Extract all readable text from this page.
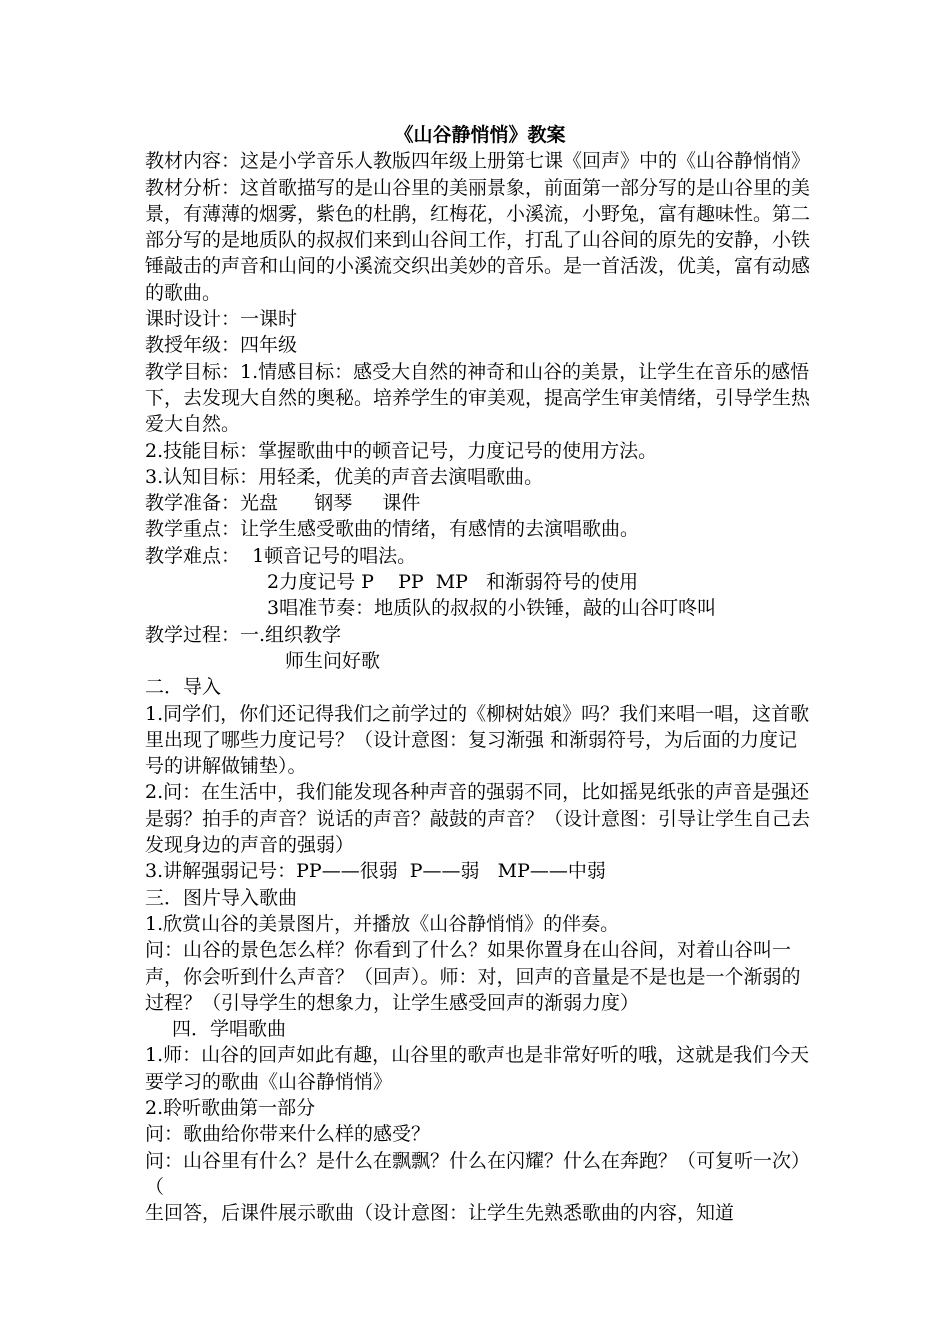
《山谷静悄悄》教案

教材内容：这是小学音乐人教版四年级上册第七课《回声》中的《山谷静悄悄》

教材分析：这首歌描写的是山谷里的美丽景象，前面第一部分写的是山谷里的美景，有薄薄的烟雾，紫色的杜鹃，红梅花，小溪流，小野兔，富有趣味性。第二部分写的是地质队的叔叔们来到山谷间工作，打乱了山谷间的原先的安静，小铁锤敲击的声音和山间的小溪流交织出美妙的音乐。是一首活泼，优美，富有动感的歌曲。

课时设计：一课时

教授年级：四年级

教学目标：1.情感目标：感受大自然的神奇和山谷的美景，让学生在音乐的感悟下，去发现大自然的奥秘。培养学生的审美观，提高学生审美情绪，引导学生热爱大自然。

2.技能目标：掌握歌曲中的顿音记号，力度记号的使用方法。

3.认知目标：用轻柔，优美的声音去演唱歌曲。

教学准备：光盘      钢琴     课件

教学重点：让学生感受歌曲的情绪，有感情的去演唱歌曲。

教学难点：  1顿音记号的唱法。

2力度记号 P    PP  MP   和渐弱符号的使用

3唱准节奏：地质队的叔叔的小铁锤，敲的山谷叮咚叫

教学过程：一.组织教学

师生问好歌

二．导入

1.同学们，你们还记得我们之前学过的《柳树姑娘》吗？我们来唱一唱，这首歌里出现了哪些力度记号？（设计意图：复习渐强 和渐弱符号，为后面的力度记号的讲解做铺垫）。

2.问：在生活中，我们能发现各种声音的强弱不同，比如摇晃纸张的声音是强还是弱？拍手的声音？说话的声音？敲鼓的声音？（设计意图：引导让学生自己去发现身边的声音的强弱）

3.讲解强弱记号：PP——很弱  P——弱   MP——中弱

三．图片导入歌曲

1.欣赏山谷的美景图片，并播放《山谷静悄悄》的伴奏。

问：山谷的景色怎么样？你看到了什么？如果你置身在山谷间，对着山谷叫一声，你会听到什么声音？（回声）。师：对，回声的音量是不是也是一个渐弱的过程？（引导学生的想象力，让学生感受回声的渐弱力度）

四．学唱歌曲

1.师：山谷的回声如此有趣，山谷里的歌声也是非常好听的哦，这就是我们今天要学习的歌曲《山谷静悄悄》

2.聆听歌曲第一部分

问：歌曲给你带来什么样的感受？

问：山谷里有什么？是什么在飘飘？什么在闪耀？什么在奔跑？（可复听一次）（

生回答，后课件展示歌曲（设计意图：让学生先熟悉歌曲的内容，知道
